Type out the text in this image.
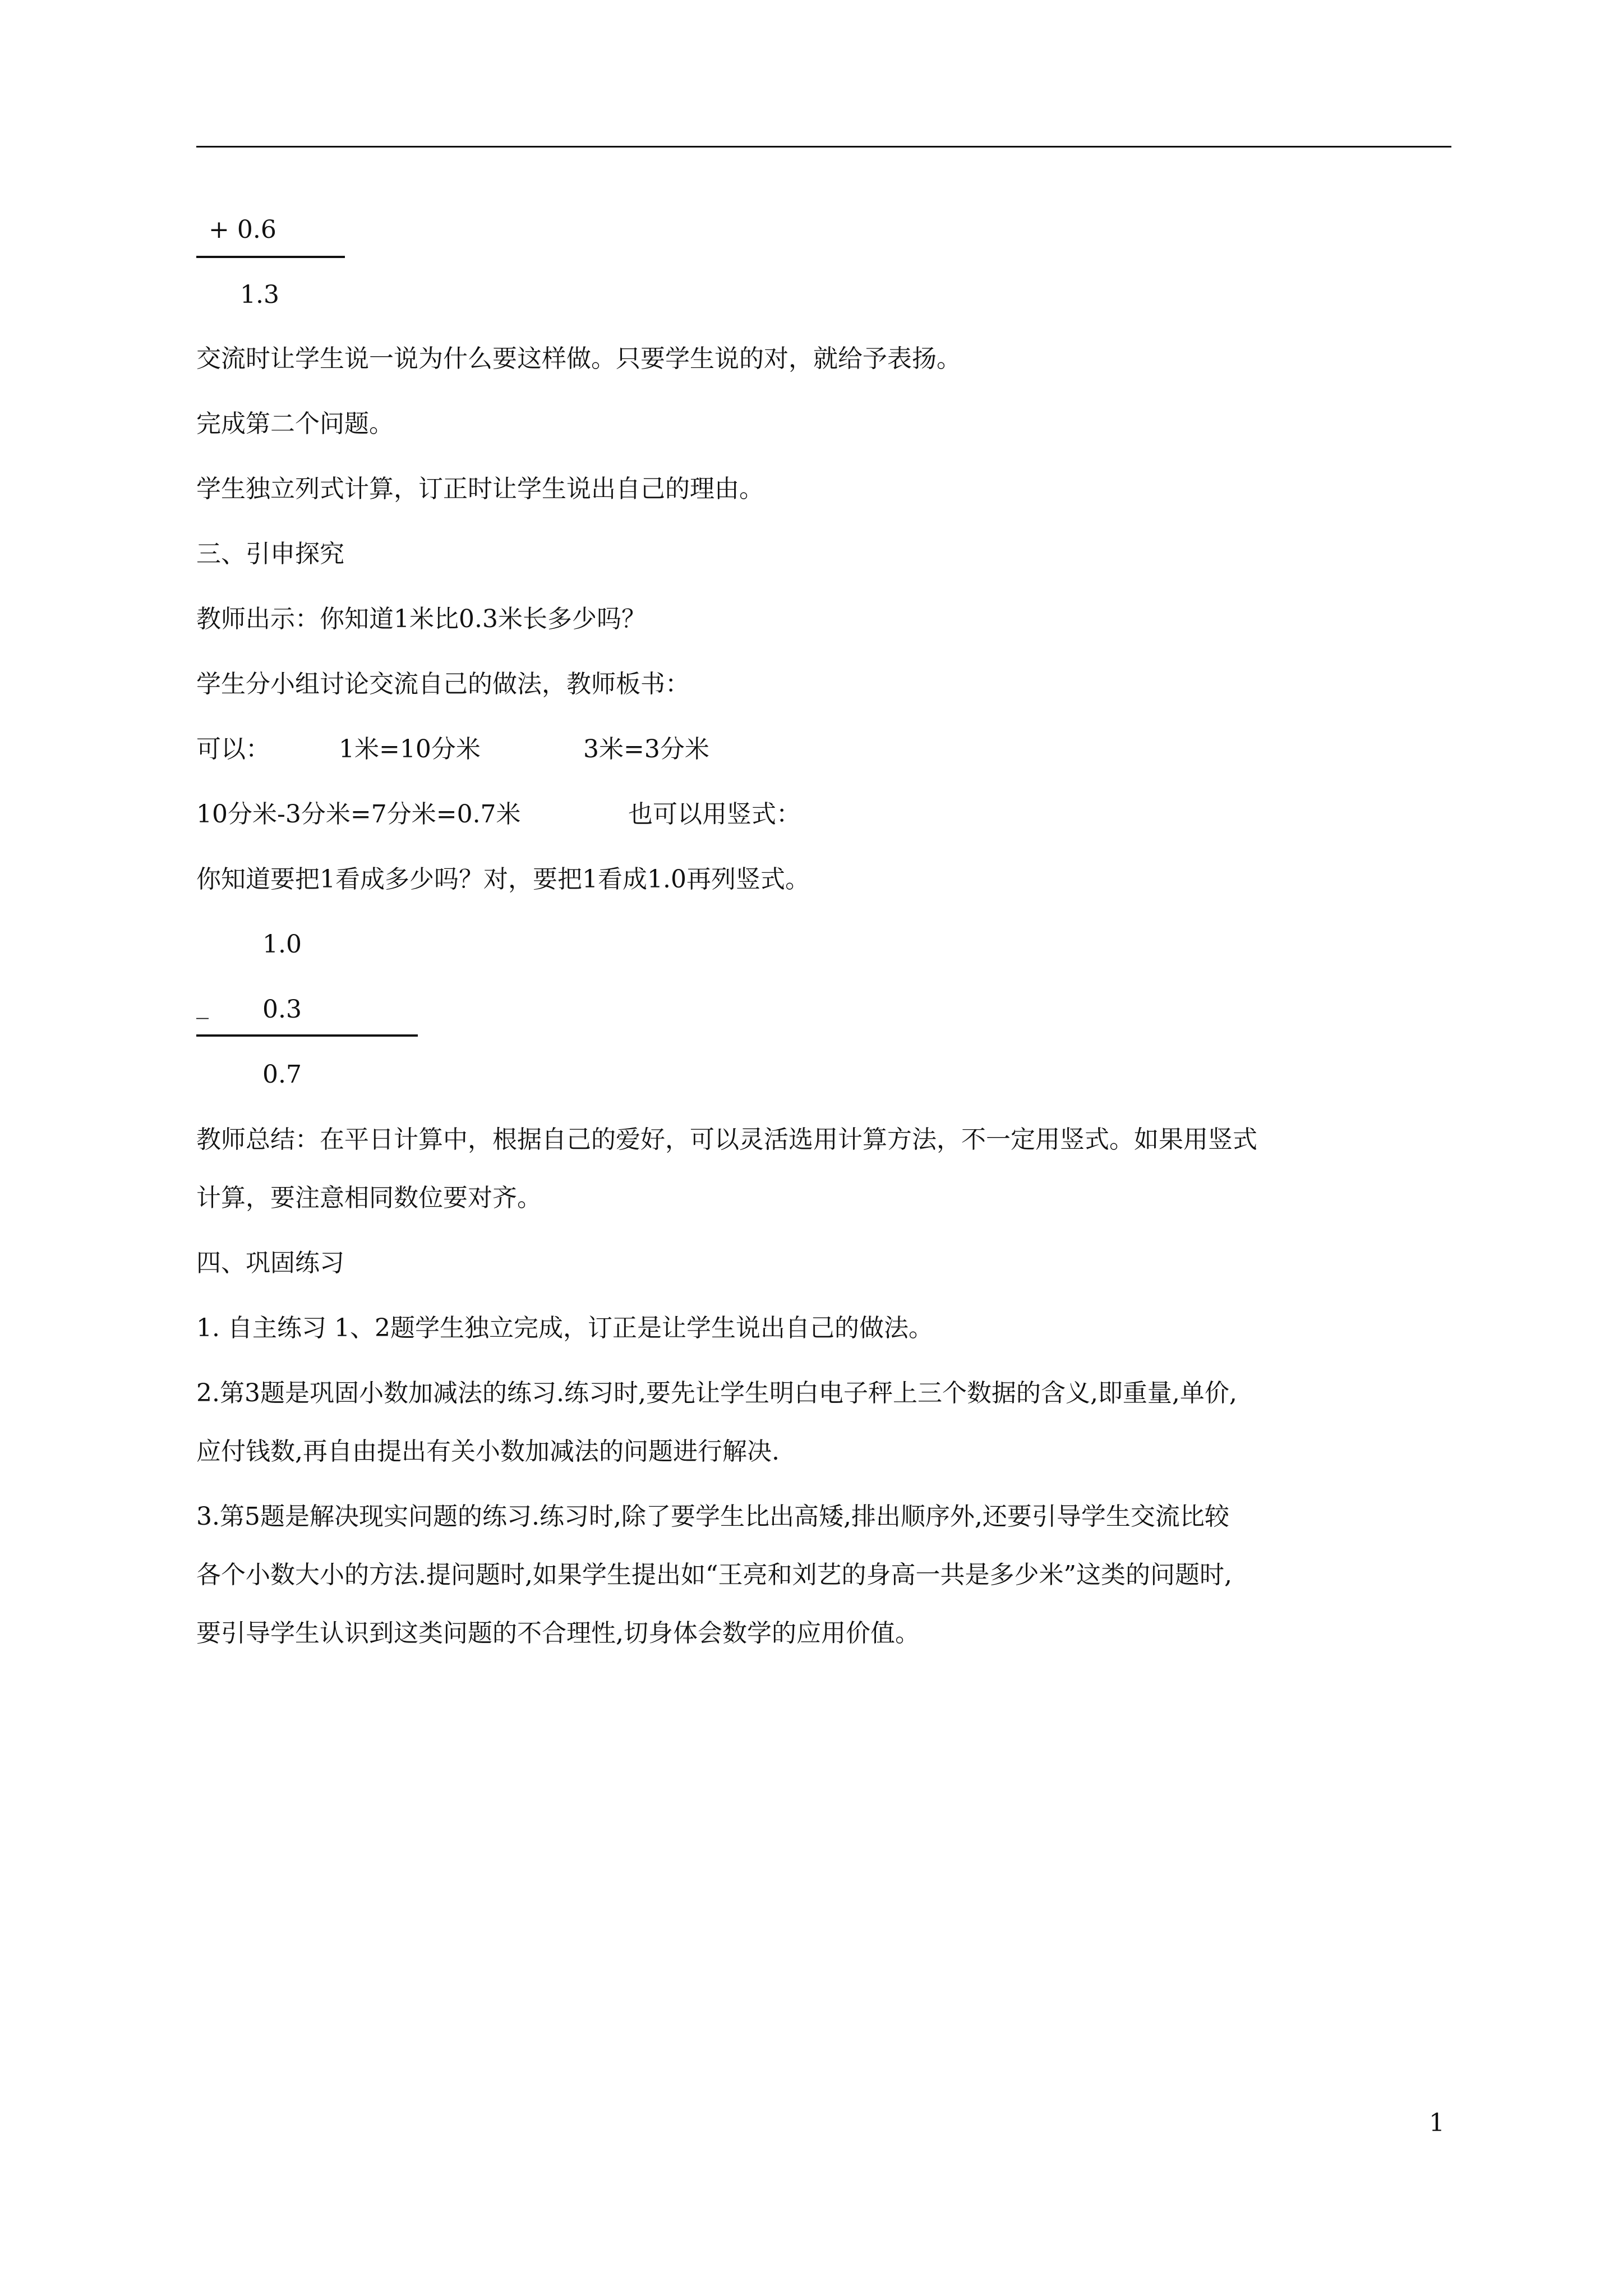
+ 0.6
1.3
交流时让学生说一说为什么要这样做。只要学生说的对，就给予表扬。
完成第二个问题。
学生独立列式计算，订正时让学生说出自己的理由。
三、引申探究
教师出示：你知道1米比0.3米长多少吗？
学生分小组讨论交流自己的做法，教师板书：
可以：	1米=10分米	3米=3分米
10分米-3分米=7分米=0.7米	也可以用竖式：
你知道要把1看成多少吗？对，要把1看成1.0再列竖式。
1.0
_ 0.3
0.7
教师总结：在平日计算中，根据自己的爱好，可以灵活选用计算方法，不一定用竖式。如果用竖式
计算，要注意相同数位要对齐。
四、巩固练习
1. 自主练习 1、2题学生独立完成，订正是让学生说出自己的做法。
2.第3题是巩固小数加减法的练习.练习时,要先让学生明白电子秤上三个数据的含义,即重量,单价,
应付钱数,再自由提出有关小数加减法的问题进行解决.
3.第5题是解决现实问题的练习.练习时,除了要学生比出高矮,排出顺序外,还要引导学生交流比较
各个小数大小的方法.提问题时,如果学生提出如“王亮和刘艺的身高一共是多少米”这类的问题时,
要引导学生认识到这类问题的不合理性,切身体会数学的应用价值。
1
